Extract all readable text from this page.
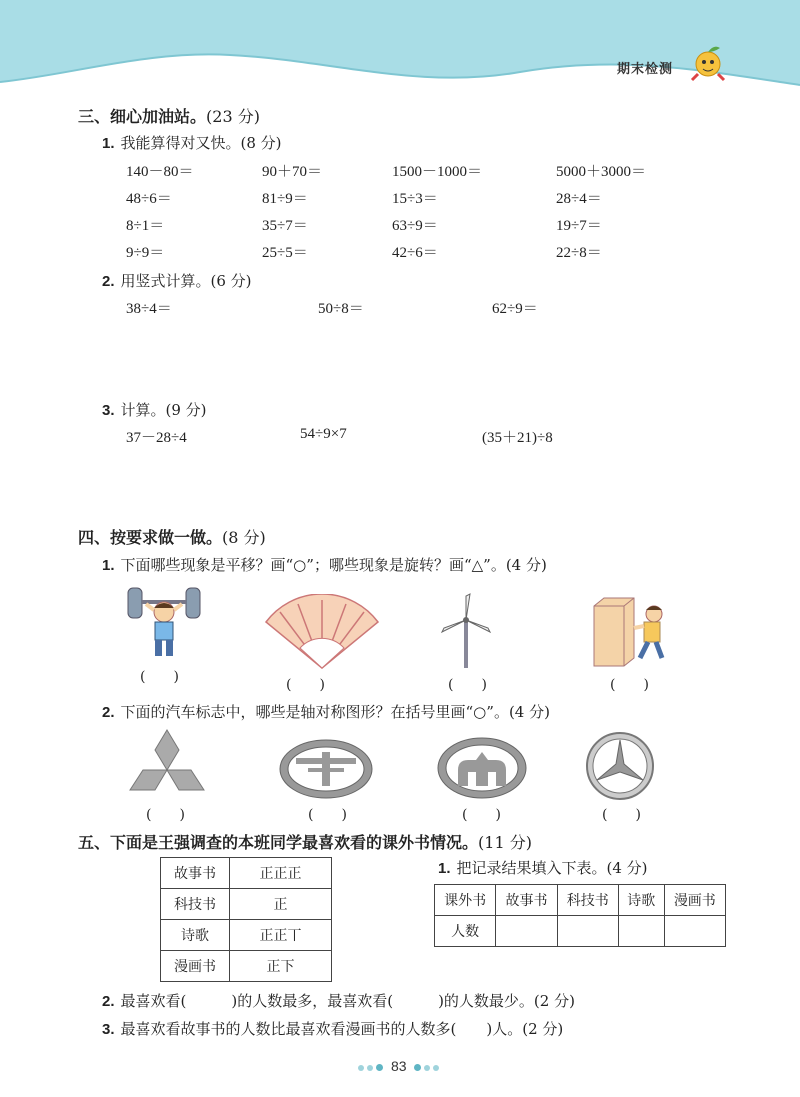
期末检测
三、细心加油站。(23 分)
1. 我能算得对又快。(8 分)
140－80＝	90＋70＝	1500－1000＝	5000＋3000＝
48÷6＝	81÷9＝	15÷3＝	28÷4＝
8÷1＝	35÷7＝	63÷9＝	19÷7＝
9÷9＝	25÷5＝	42÷6＝	22÷8＝
2. 用竖式计算。(6 分)
38÷4＝	50÷8＝	62÷9＝
3. 计算。(9 分)
37－28÷4	54÷9×7	(35＋21)÷8
四、按要求做一做。(8 分)
1. 下面哪些现象是平移？画“○”；哪些现象是旋转？画“△”。(4 分)
(　　)	(　　)	(　　)	(　　)
2. 下面的汽车标志中，哪些是轴对称图形？在括号里画“○”。(4 分)
(　　)	(　　)	(　　)	(　　)
五、下面是王强调查的本班同学最喜欢看的课外书情况。(11 分)
故事书	正正正
科技书	正
诗歌	正正丅
漫画书	正下
1. 把记录结果填入下表。(4 分)
课外书	故事书	科技书	诗歌	漫画书
人数				
2. 最喜欢看(　　　)的人数最多，最喜欢看(　　　)的人数最少。(2 分)
3. 最喜欢看故事书的人数比最喜欢看漫画书的人数多(　　)人。(2 分)
83
